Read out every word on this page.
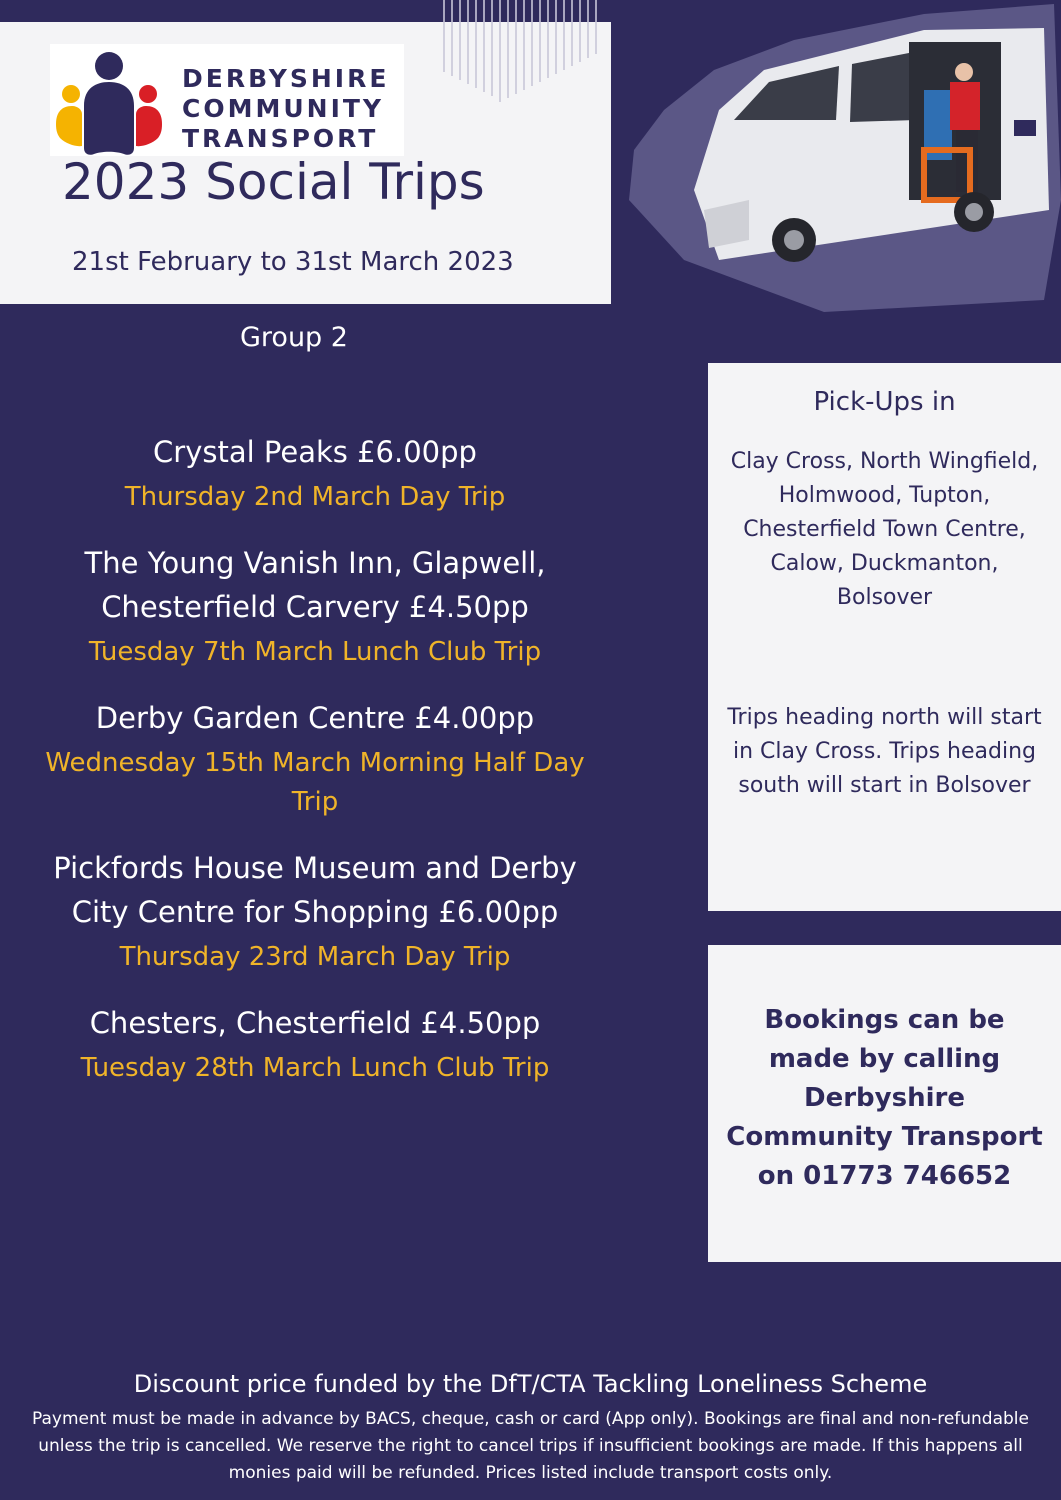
DERBYSHIRE
COMMUNITY
TRANSPORT
2023 Social Trips
21st February to 31st March 2023
Group 2
Crystal Peaks £6.00pp
Thursday 2nd March Day Trip
The Young Vanish Inn, Glapwell, Chesterfield Carvery £4.50pp
Tuesday 7th March Lunch Club Trip
Derby Garden Centre £4.00pp
Wednesday 15th March Morning Half Day Trip
Pickfords House Museum and Derby City Centre for Shopping £6.00pp
Thursday 23rd March Day Trip
Chesters, Chesterfield £4.50pp
Tuesday 28th March Lunch Club Trip
Pick-Ups in
Clay Cross, North Wingfield, Holmwood, Tupton, Chesterfield Town Centre, Calow, Duckmanton, Bolsover
Trips heading north will start in Clay Cross. Trips heading south will start in Bolsover
Bookings can be made by calling Derbyshire Community Transport on 01773 746652
Discount price funded by the DfT/CTA Tackling Loneliness Scheme
Payment must be made in advance by BACS, cheque, cash or card (App only). Bookings are final and non-refundable unless the trip is cancelled. We reserve the right to cancel trips if insufficient bookings are made. If this happens all monies paid will be refunded. Prices listed include transport costs only.
